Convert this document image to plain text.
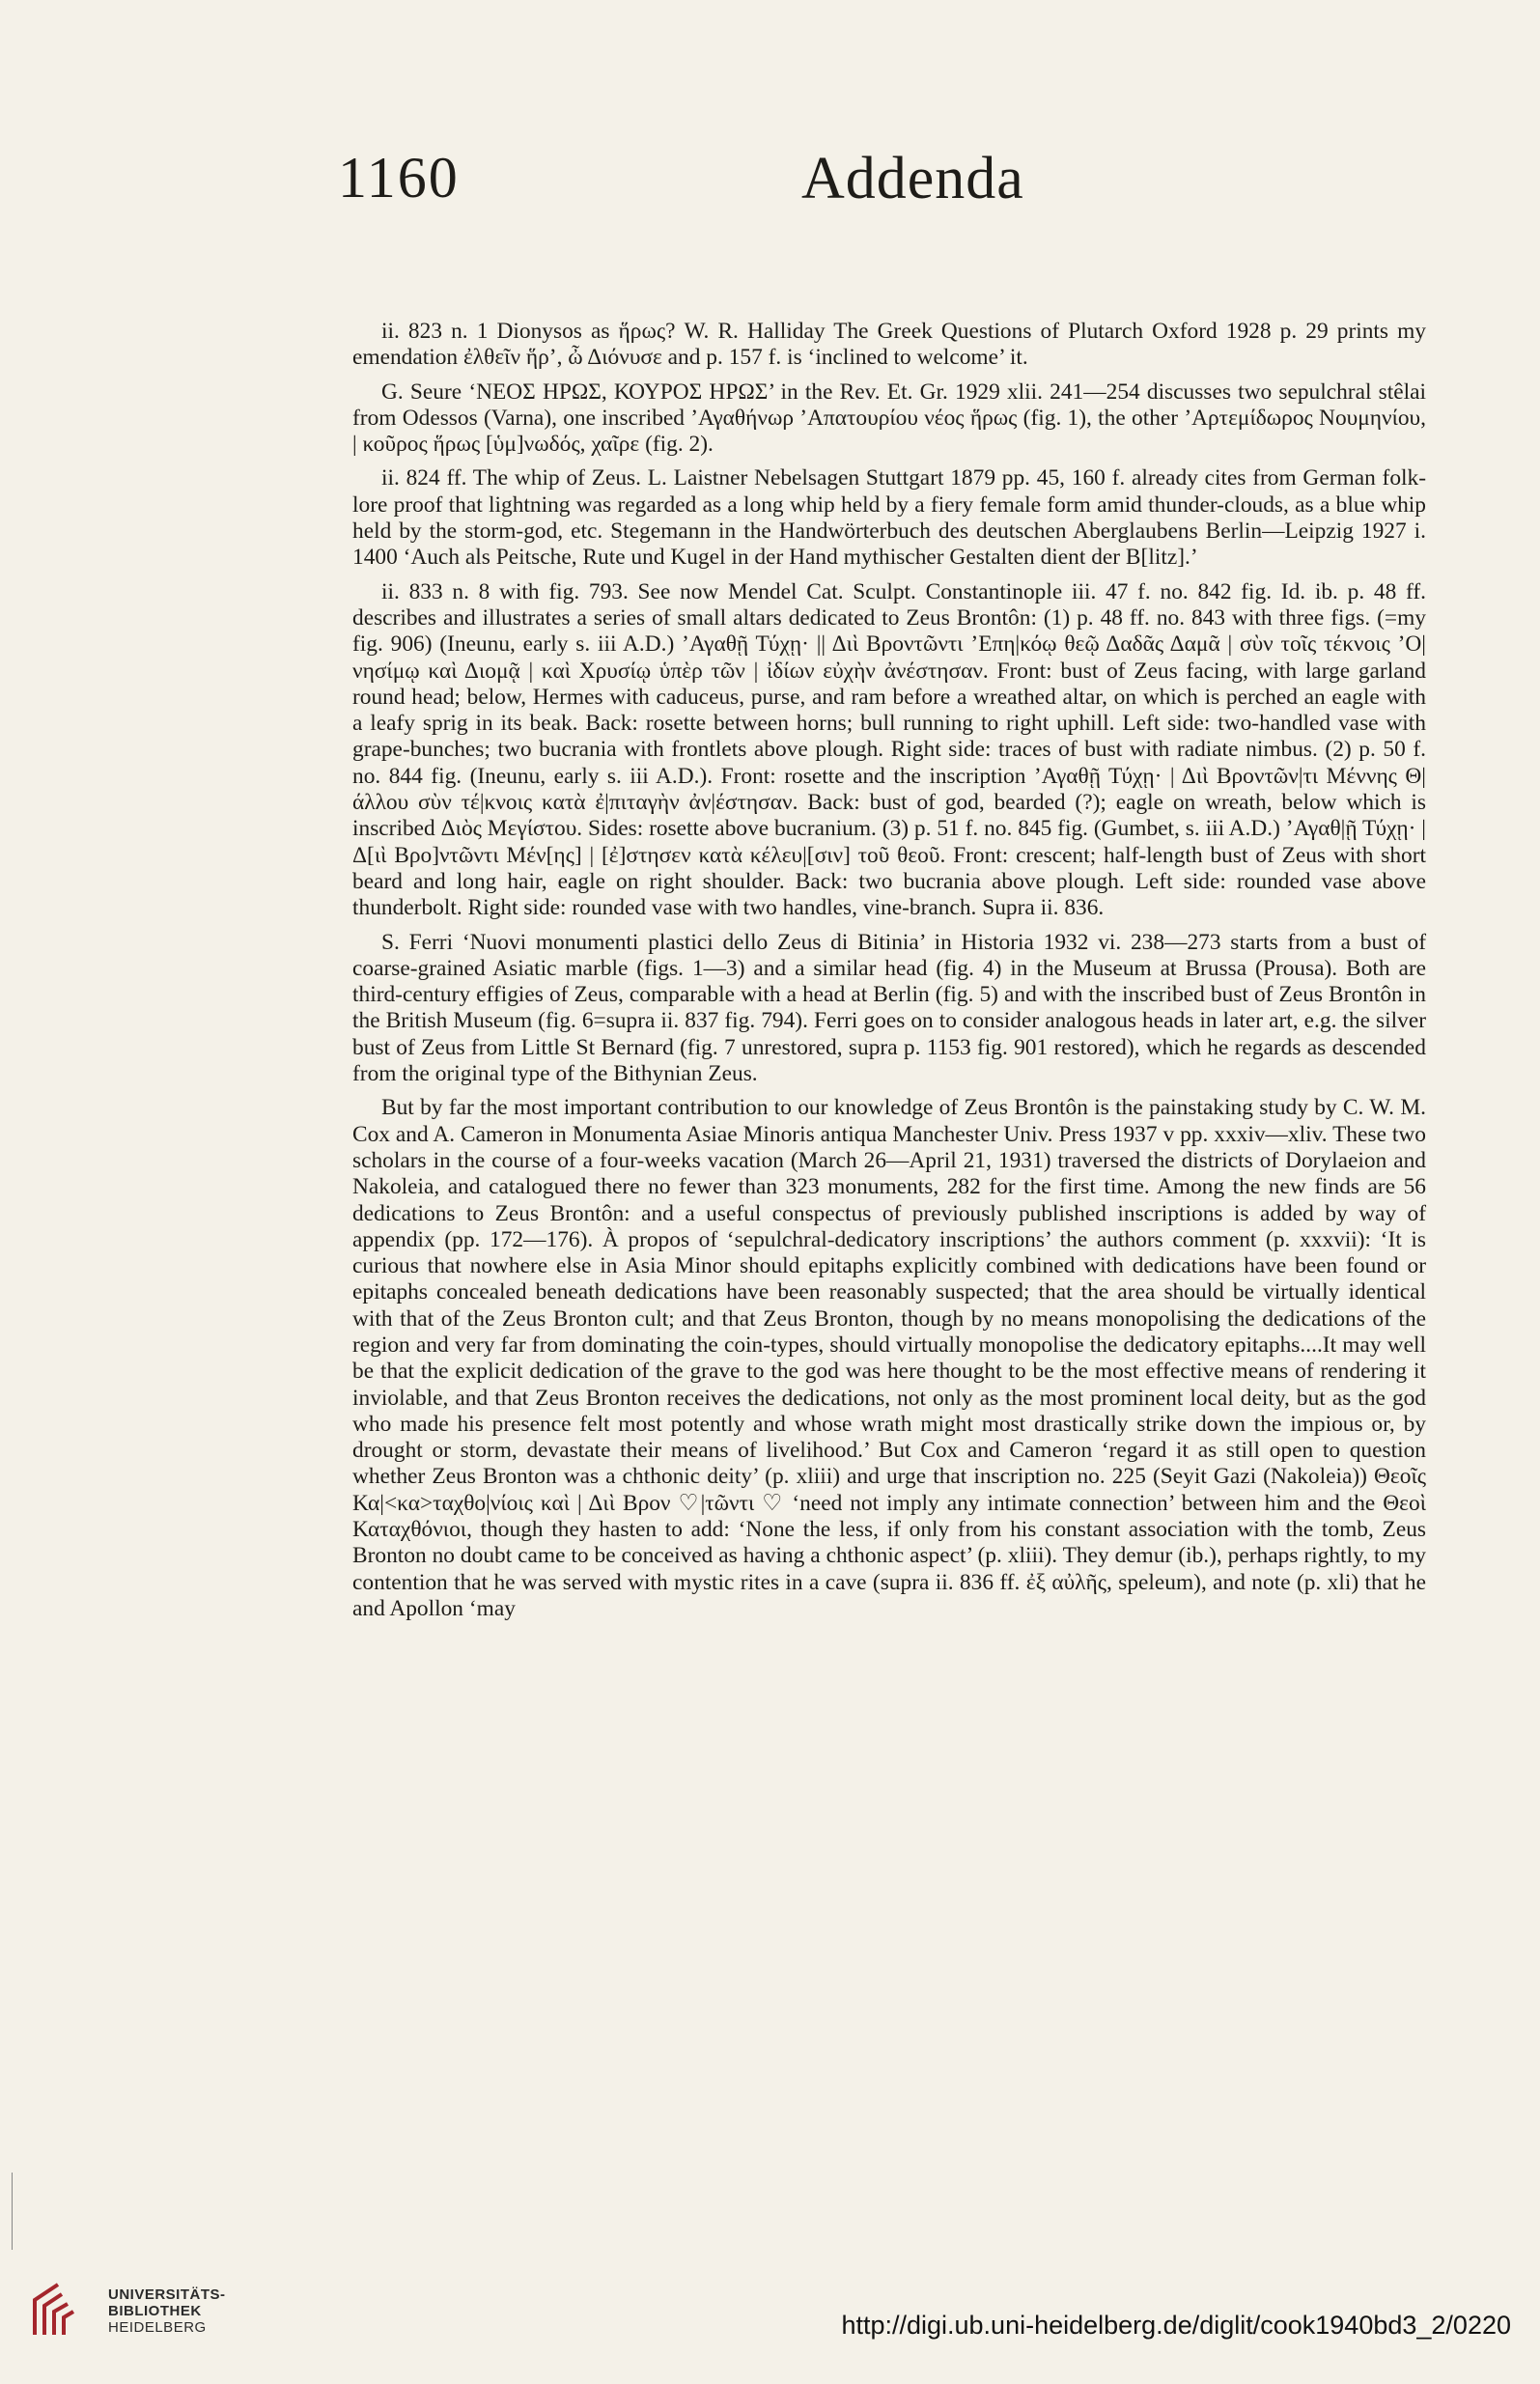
1160	Addenda

ii. 823 n. 1 Dionysos as ἥρως? W. R. Halliday The Greek Questions of Plutarch Oxford 1928 p. 29 prints my emendation ἐλθεῖν ἥρ’, ὦ Διόνυσε and p. 157 f. is ‘inclined to welcome’ it.

G. Seure ‘ΝΕΟΣ ΗΡΩΣ, ΚΟΥΡΟΣ ΗΡΩΣ’ in the Rev. Et. Gr. 1929 xlii. 241—254 discusses two sepulchral stêlai from Odessos (Varna), one inscribed ’Αγαθήνωρ ’Απατουρίου νέος ἥρως (fig. 1), the other ’Αρτεμίδωρος Νουμηνίου, | κοῦρος ἥρως [ὑμ]νωδός, χαῖρε (fig. 2).

ii. 824 ff. The whip of Zeus. L. Laistner Nebelsagen Stuttgart 1879 pp. 45, 160 f. already cites from German folk-lore proof that lightning was regarded as a long whip held by a fiery female form amid thunder-clouds, as a blue whip held by the storm-god, etc. Stegemann in the Handwörterbuch des deutschen Aberglaubens Berlin—Leipzig 1927 i. 1400 ‘Auch als Peitsche, Rute und Kugel in der Hand mythischer Gestalten dient der B[litz].’

ii. 833 n. 8 with fig. 793. See now Mendel Cat. Sculpt. Constantinople iii. 47 f. no. 842 fig. Id. ib. p. 48 ff. describes and illustrates a series of small altars dedicated to Zeus Brontôn: (1) p. 48 ff. no. 843 with three figs. (=my fig. 906) (Ineunu, early s. iii A.D.) ’Αγαθῇ Τύχῃ· || Διὶ Βροντῶντι ’Επη|κόῳ θεῷ Δαδᾶς Δαμᾶ | σὺν τοῖς τέκνοις ’Ο|νησίμῳ καὶ Διομᾷ | καὶ Χρυσίῳ ὑπὲρ τῶν | ἰδίων εὐχὴν ἀνέστησαν. Front: bust of Zeus facing, with large garland round head; below, Hermes with caduceus, purse, and ram before a wreathed altar, on which is perched an eagle with a leafy sprig in its beak. Back: rosette between horns; bull running to right uphill. Left side: two-handled vase with grape-bunches; two bucrania with frontlets above plough. Right side: traces of bust with radiate nimbus. (2) p. 50 f. no. 844 fig. (Ineunu, early s. iii A.D.). Front: rosette and the inscription ’Αγαθῇ Τύχῃ· | Διὶ Βροντῶν|τι Μέννης Θ|άλλου σὺν τέ|κνοις κατὰ ἐ|πιταγὴν ἀν|έστησαν. Back: bust of god, bearded (?); eagle on wreath, below which is inscribed Διὸς Μεγίστου. Sides: rosette above bucranium. (3) p. 51 f. no. 845 fig. (Gumbet, s. iii A.D.) ’Αγαθ|ῇ Τύχῃ· | Δ[ιὶ Βρο]ντῶντι Μέν[ης] | [ἐ]στησεν κατὰ κέλευ|[σιν] τοῦ θεοῦ. Front: crescent; half-length bust of Zeus with short beard and long hair, eagle on right shoulder. Back: two bucrania above plough. Left side: rounded vase above thunderbolt. Right side: rounded vase with two handles, vine-branch. Supra ii. 836.

S. Ferri ‘Nuovi monumenti plastici dello Zeus di Bitinia’ in Historia 1932 vi. 238—273 starts from a bust of coarse-grained Asiatic marble (figs. 1—3) and a similar head (fig. 4) in the Museum at Brussa (Prousa). Both are third-century effigies of Zeus, comparable with a head at Berlin (fig. 5) and with the inscribed bust of Zeus Brontôn in the British Museum (fig. 6=supra ii. 837 fig. 794). Ferri goes on to consider analogous heads in later art, e.g. the silver bust of Zeus from Little St Bernard (fig. 7 unrestored, supra p. 1153 fig. 901 restored), which he regards as descended from the original type of the Bithynian Zeus.

But by far the most important contribution to our knowledge of Zeus Brontôn is the painstaking study by C. W. M. Cox and A. Cameron in Monumenta Asiae Minoris antiqua Manchester Univ. Press 1937 v pp. xxxiv—xliv. These two scholars in the course of a four-weeks vacation (March 26—April 21, 1931) traversed the districts of Dorylaeion and Nakoleia, and catalogued there no fewer than 323 monuments, 282 for the first time. Among the new finds are 56 dedications to Zeus Brontôn: and a useful conspectus of previously published inscriptions is added by way of appendix (pp. 172—176). À propos of ‘sepulchral-dedicatory inscriptions’ the authors comment (p. xxxvii): ‘It is curious that nowhere else in Asia Minor should epitaphs explicitly combined with dedications have been found or epitaphs concealed beneath dedications have been reasonably suspected; that the area should be virtually identical with that of the Zeus Bronton cult; and that Zeus Bronton, though by no means monopolising the dedications of the region and very far from dominating the coin-types, should virtually monopolise the dedicatory epitaphs....It may well be that the explicit dedication of the grave to the god was here thought to be the most effective means of rendering it inviolable, and that Zeus Bronton receives the dedications, not only as the most prominent local deity, but as the god who made his presence felt most potently and whose wrath might most drastically strike down the impious or, by drought or storm, devastate their means of livelihood.’ But Cox and Cameron ‘regard it as still open to question whether Zeus Bronton was a chthonic deity’ (p. xliii) and urge that inscription no. 225 (Seyit Gazi (Nakoleia)) Θεοῖς Κα|<κα>ταχθο|νίοις καὶ | Διὶ Βρον ♡|τῶντι ♡ ‘need not imply any intimate connection’ between him and the Θεοὶ Καταχθόνιοι, though they hasten to add: ‘None the less, if only from his constant association with the tomb, Zeus Bronton no doubt came to be conceived as having a chthonic aspect’ (p. xliii). They demur (ib.), perhaps rightly, to my contention that he was served with mystic rites in a cave (supra ii. 836 ff. ἐξ αὐλῆς, speleum), and note (p. xli) that he and Apollon ‘may

UNIVERSITÄTS-
BIBLIOTHEK
HEIDELBERG	http://digi.ub.uni-heidelberg.de/diglit/cook1940bd3_2/0220
